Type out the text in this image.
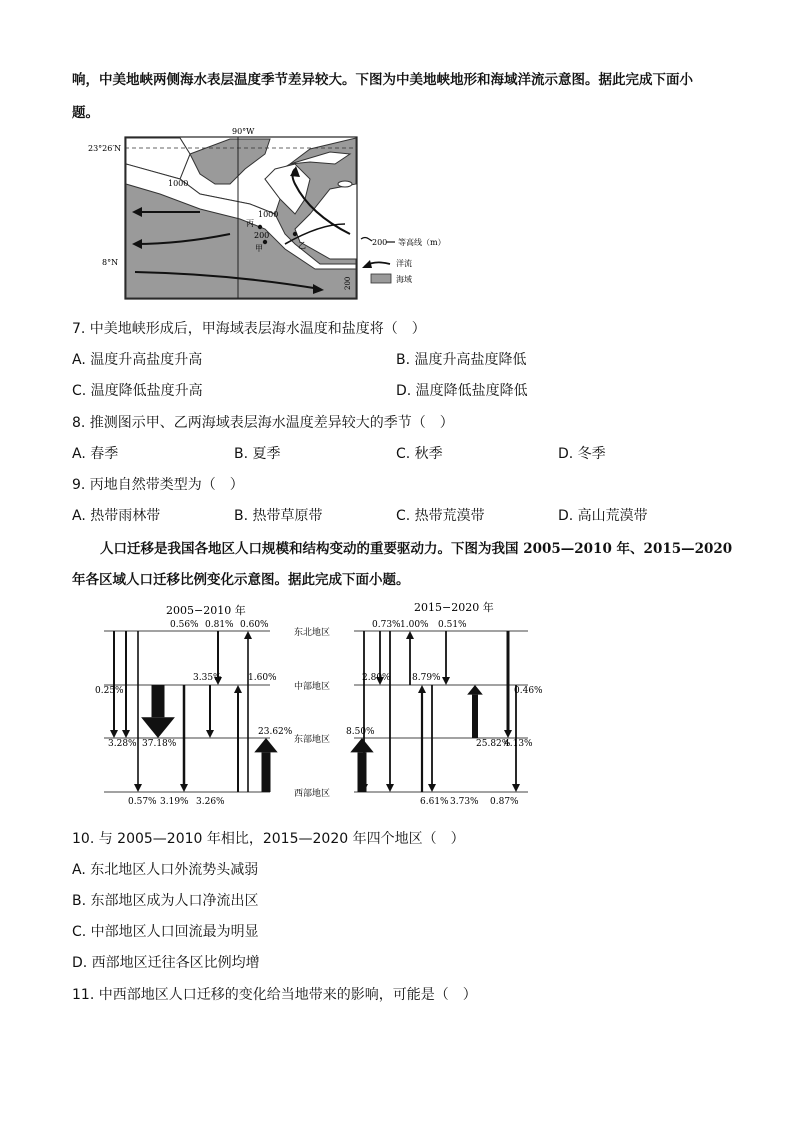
响，中美地峡两侧海水表层温度季节差异较大。下图为中美地峡地形和海域洋流示意图。据此完成下面小
题。
90°W
23°26′N
8°N
1000
1000
200
200
丙
甲	乙	200 等高线（m）
洋流
海域
7. 中美地峡形成后，甲海域表层海水温度和盐度将（　）
A. 温度升高盐度升高	B. 温度升高盐度降低
C. 温度降低盐度升高	D. 温度降低盐度降低
8. 推测图示甲、乙两海域表层海水温度差异较大的季节（　）
A. 春季	B. 夏季	C. 秋季	D. 冬季
9. 丙地自然带类型为（　）
A. 热带雨林带	B. 热带草原带	C. 热带荒漠带	D. 高山荒漠带
人口迁移是我国各地区人口规模和结构变动的重要驱动力。下图为我国 2005—2010 年、2015—2020
年各区域人口迁移比例变化示意图。据此完成下面小题。
2005−2010 年	2015−2020 年
东北地区
中部地区
东部地区
西部地区
0.56% 0.81% 0.60%
3.35%	1.60%
0.25%
23.62%
3.28% 37.18%
0.57% 3.19% 3.26%
0.73% 1.00% 0.51%
2.80% 8.79%
0.46%
8.50%
25.82%
4.13%
6.61% 3.73% 0.87%
10. 与 2005—2010 年相比，2015—2020 年四个地区（　）
A. 东北地区人口外流势头减弱
B. 东部地区成为人口净流出区
C. 中部地区人口回流最为明显
D. 西部地区迁往各区比例均增
11. 中西部地区人口迁移的变化给当地带来的影响，可能是（　）
